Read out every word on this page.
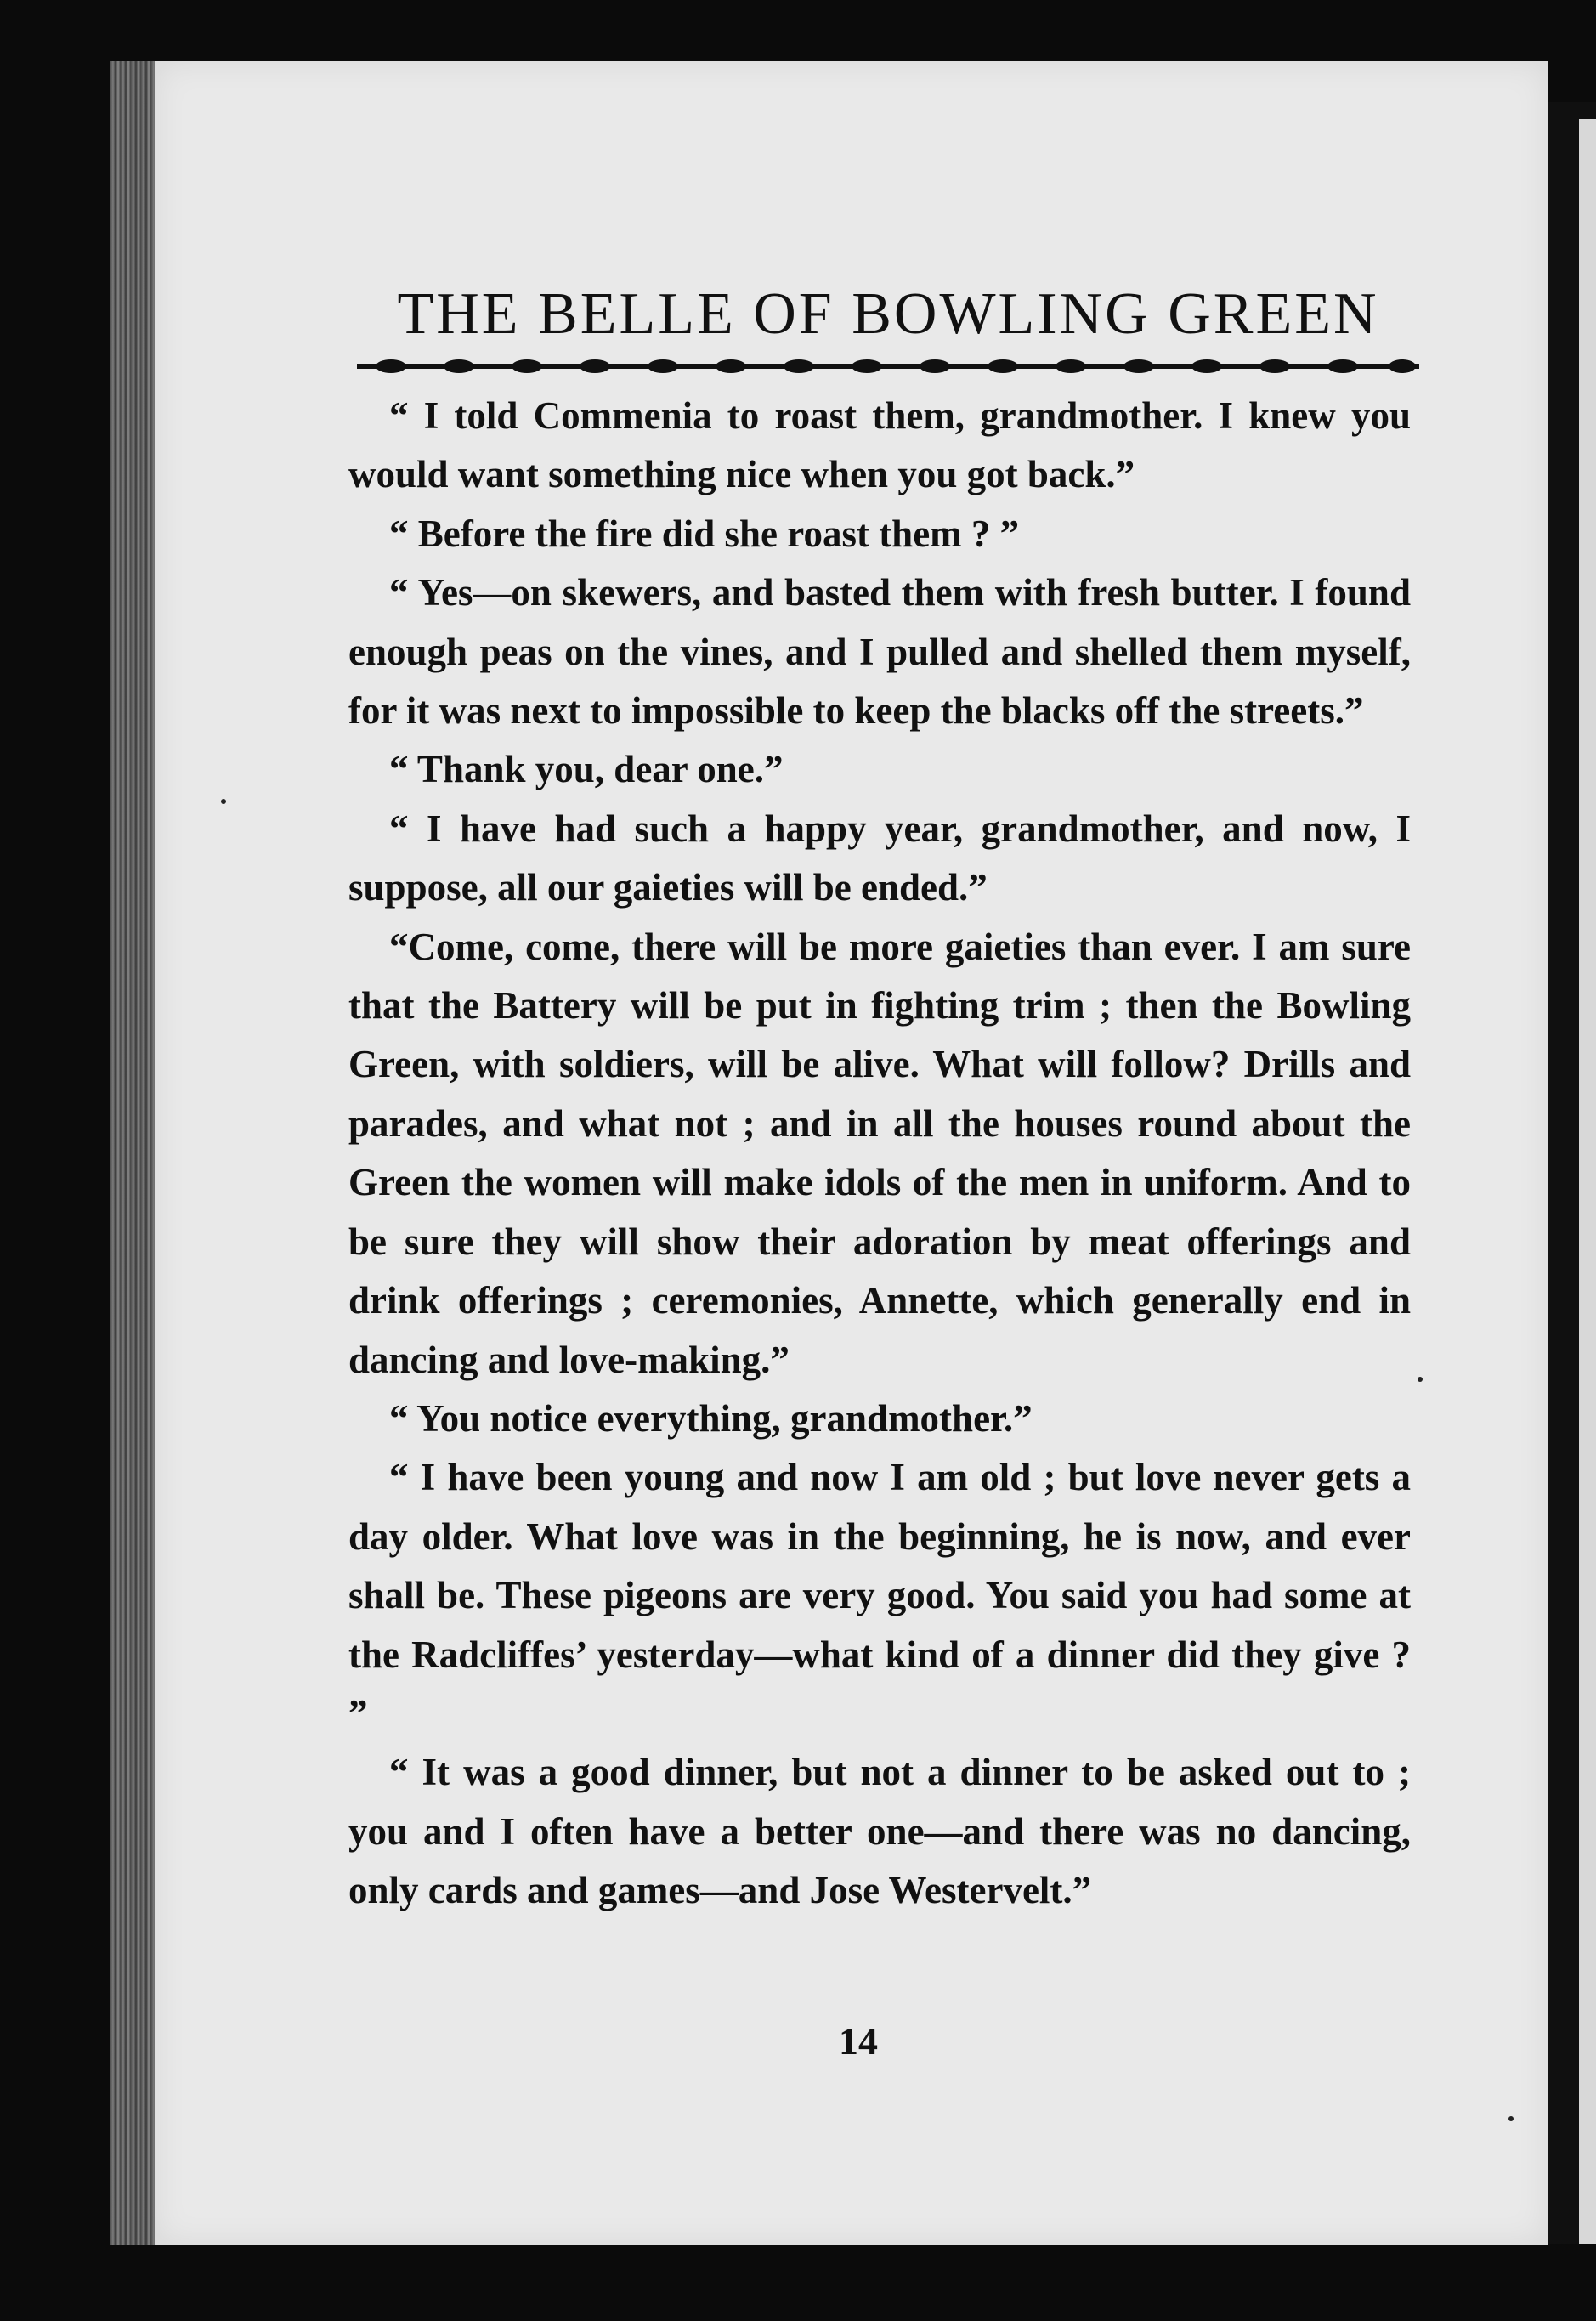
THE BELLE OF BOWLING GREEN

“ I told Commenia to roast them, grandmother. I knew you would want something nice when you got back.”

“ Before the fire did she roast them ? ”

“ Yes—on skewers, and basted them with fresh butter. I found enough peas on the vines, and I pulled and shelled them myself, for it was next to impossible to keep the blacks off the streets.”

“ Thank you, dear one.”

“ I have had such a happy year, grandmother, and now, I suppose, all our gaieties will be ended.”

“Come, come, there will be more gaieties than ever. I am sure that the Battery will be put in fighting trim ; then the Bowling Green, with soldiers, will be alive. What will follow? Drills and parades, and what not ; and in all the houses round about the Green the women will make idols of the men in uniform. And to be sure they will show their adoration by meat offerings and drink offerings ; ceremonies, Annette, which generally end in dancing and love-making.”

“ You notice everything, grandmother.”

“ I have been young and now I am old ; but love never gets a day older. What love was in the beginning, he is now, and ever shall be. These pigeons are very good. You said you had some at the Radcliffes’ yesterday—what kind of a dinner did they give ? ”

“ It was a good dinner, but not a dinner to be asked out to ; you and I often have a better one—and there was no dancing, only cards and games—and Jose Westervelt.”

14
